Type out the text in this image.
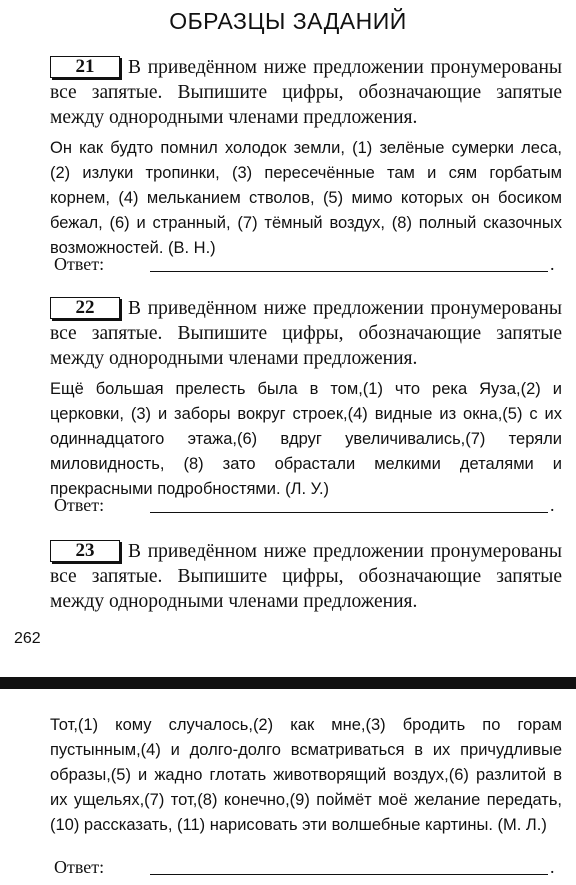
ОБРАЗЦЫ ЗАДАНИЙ

21 В приведённом ниже предложении пронумерованы все запятые. Выпишите цифры, обозначающие запятые между однородными членами предложения.

Он как будто помнил холодок земли, (1) зелёные сумерки леса, (2) излуки тропинки, (3) пересечённые там и сям горбатым корнем, (4) мельканием стволов, (5) мимо которых он босиком бежал, (6) и странный, (7) тёмный воздух, (8) полный сказочных возможностей. (В. Н.)

Ответ:	.

22 В приведённом ниже предложении пронумерованы все запятые. Выпишите цифры, обозначающие запятые между однородными членами предложения.

Ещё большая прелесть была в том,(1) что река Яуза,(2) и церковки, (3) и заборы вокруг строек,(4) видные из окна,(5) с их одиннадцатого этажа,(6) вдруг увеличивались,(7) теряли миловидность, (8) зато обрастали мелкими деталями и прекрасными подробностями. (Л. У.)

Ответ:	.

23 В приведённом ниже предложении пронумерованы все запятые. Выпишите цифры, обозначающие запятые между однородными членами предложения.

262

Тот,(1) кому случалось,(2) как мне,(3) бродить по горам пустынным,(4) и долго-долго всматриваться в их причудливые образы,(5) и жадно глотать животворящий воздух,(6) разлитой в их ущельях,(7) тот,(8) конечно,(9) поймёт моё желание передать,(10) рассказать, (11) нарисовать эти волшебные картины. (М. Л.)

Ответ:	.
